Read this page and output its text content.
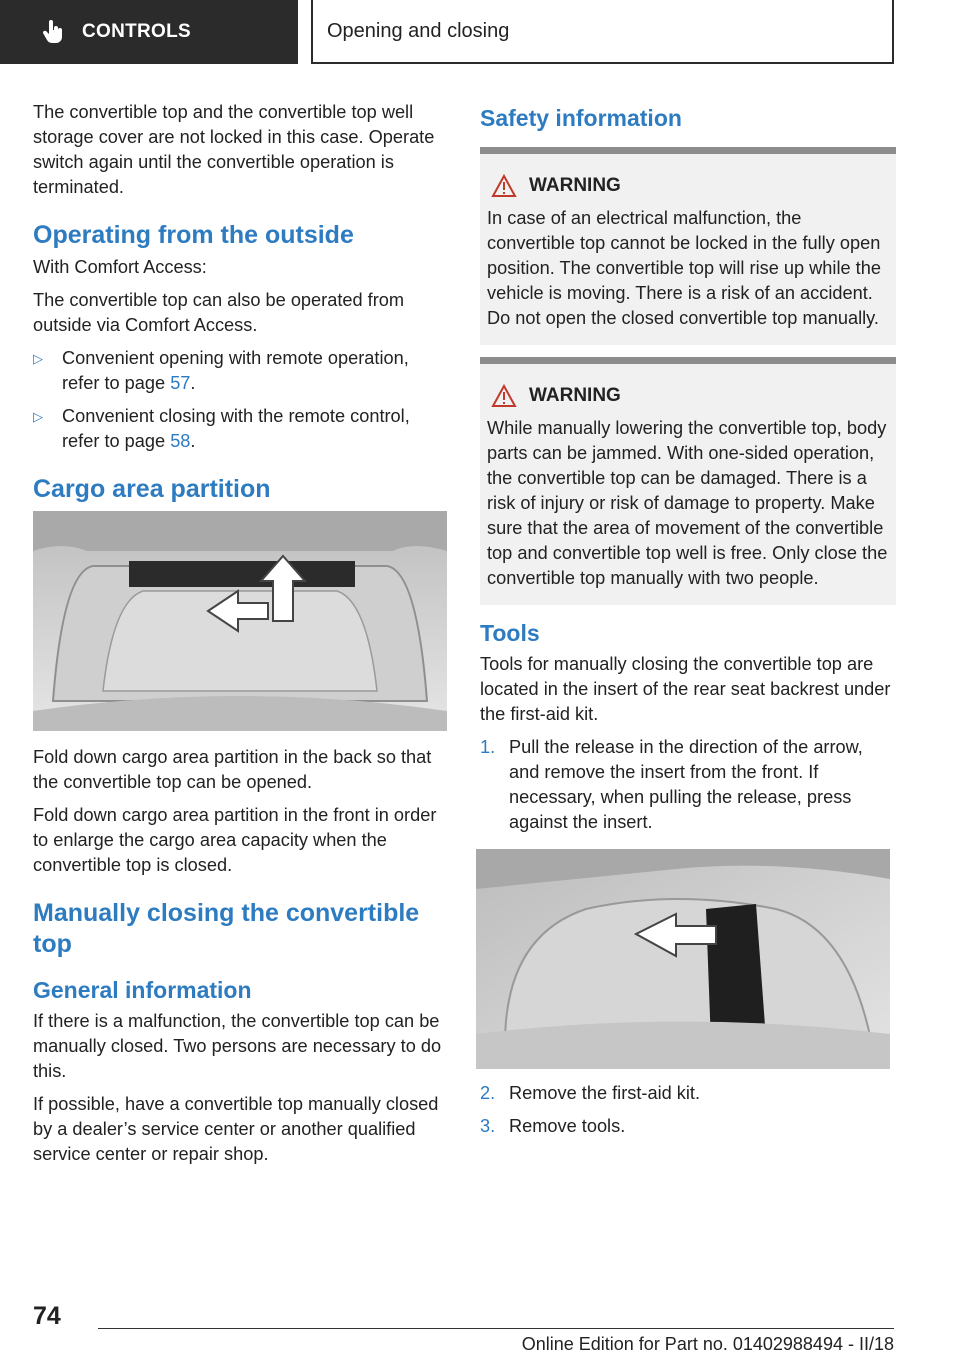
CONTROLS	Opening and closing

The convertible top and the convertible top well storage cover are not locked in this case. Operate switch again until the convertible operation is terminated.

Operating from the outside

With Comfort Access:

The convertible top can also be operated from outside via Comfort Access.

▷ Convenient opening with remote operation, refer to page 57.
▷ Convenient closing with the remote control, refer to page 58.
Cargo area partition

Fold down cargo area partition in the back so that the convertible top can be opened.

Fold down cargo area partition in the front in order to enlarge the cargo area capacity when the convertible top is closed.

Manually closing the convertible top
General information

If there is a malfunction, the convertible top can be manually closed. Two persons are necessary to do this.

If possible, have a convertible top manually closed by a dealer’s service center or another qualified service center or repair shop.

Safety information
WARNING

In case of an electrical malfunction, the convertible top cannot be locked in the fully open position. The convertible top will rise up while the vehicle is moving. There is a risk of an accident. Do not open the closed convertible top manually.

WARNING

While manually lowering the convertible top, body parts can be jammed. With one-sided operation, the convertible top can be damaged. There is a risk of injury or risk of damage to property. Make sure that the area of movement of the convertible top and convertible top well is free. Only close the convertible top manually with two people.

Tools

Tools for manually closing the convertible top are located in the insert of the rear seat backrest under the first-aid kit.

1. Pull the release in the direction of the arrow, and remove the insert from the front. If necessary, when pulling the release, press against the insert.
2. Remove the first-aid kit.
3. Remove tools.
74
Online Edition for Part no. 01402988494 - II/18
